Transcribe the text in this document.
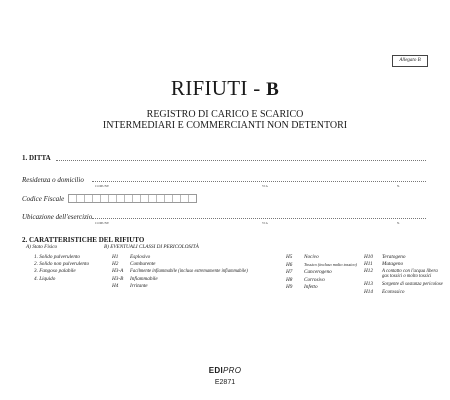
Allegato B
RIFIUTI - B
REGISTRO DI CARICO E SCARICO
INTERMEDIARI E COMMERCIANTI NON DETENTORI
1. DITTA
Residenza o domicilio
COMUNE	VIA	N.
Codice Fiscale
Ubicazione dell'esercizio
COMUNE	VIA	N.
2. CARATTERISTICHE DEL RIFIUTO
A) Stato Fisico
1. Solido pulverulento
2. Solido non pulverulento
3. Fangoso palabile
4. Liquido
B) EVENTUALI CLASSI DI PERICOLOSITÀ
H1 Esplosivo
H2 Comburente
H3-A Facilmente infiammabile (incluso estremamente infiammabile)
H3-B Infiammabile
H4 Irritante
H5 Nocivo
H6	Tossico (incluso molto tossico)
H7 Cancerogeno
H8 Corrosivo
H9 Infetto
H10 Teratogeno
H11 Mutageno
H12	A contatto con l'acqua libera gas tossici o molto tossici
H13 Sorgente di sostanza pericolose
H14 Ecotossico
EDIPRO
E2871
